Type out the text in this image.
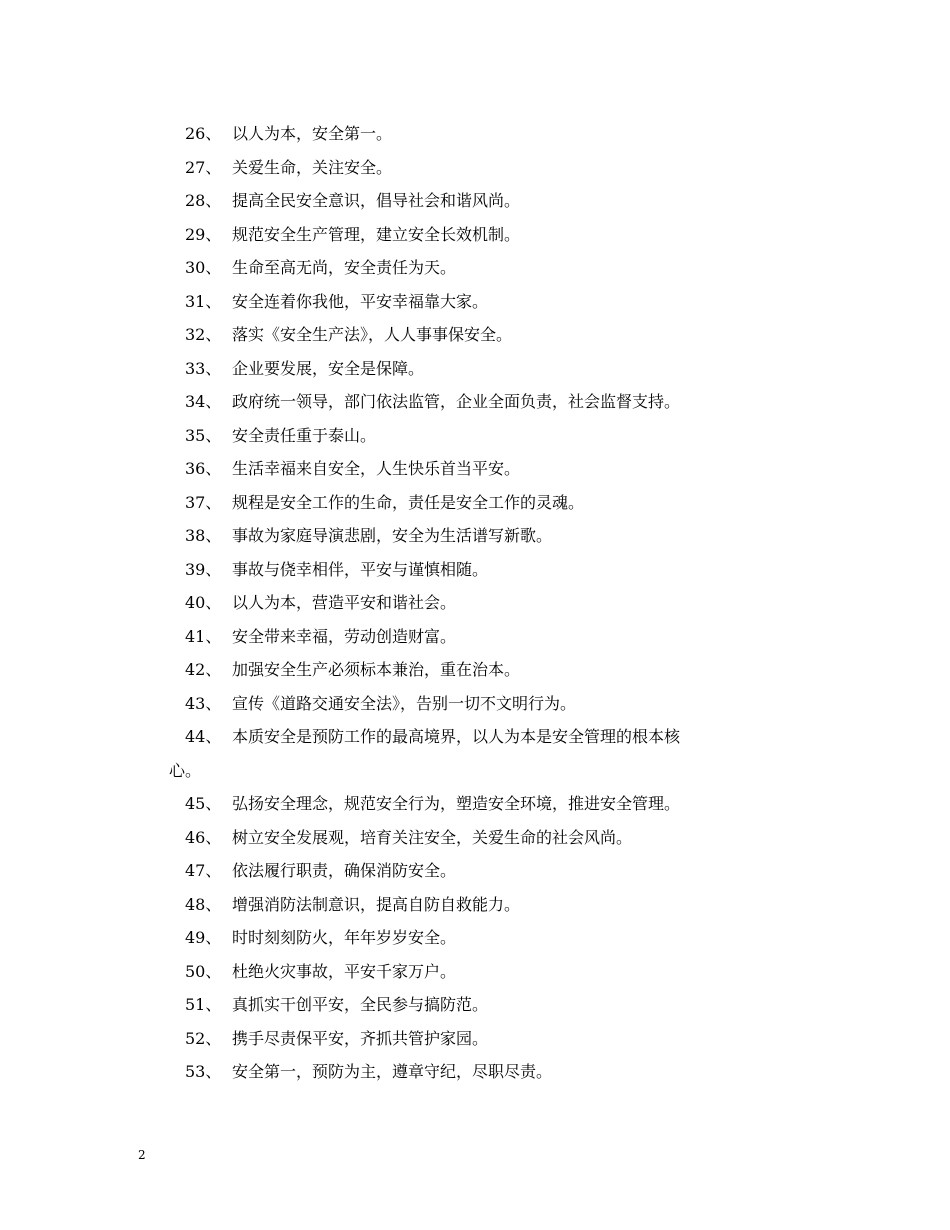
26、 以人为本，安全第一。
27、 关爱生命，关注安全。
28、 提高全民安全意识，倡导社会和谐风尚。
29、 规范安全生产管理，建立安全长效机制。
30、 生命至高无尚，安全责任为天。
31、 安全连着你我他，平安幸福靠大家。
32、 落实《安全生产法》，人人事事保安全。
33、 企业要发展，安全是保障。
34、 政府统一领导，部门依法监管，企业全面负责，社会监督支持。
35、 安全责任重于泰山。
36、 生活幸福来自安全，人生快乐首当平安。
37、 规程是安全工作的生命，责任是安全工作的灵魂。
38、 事故为家庭导演悲剧，安全为生活谱写新歌。
39、 事故与侥幸相伴，平安与谨慎相随。
40、 以人为本，营造平安和谐社会。
41、 安全带来幸福，劳动创造财富。
42、 加强安全生产必须标本兼治，重在治本。
43、 宣传《道路交通安全法》，告别一切不文明行为。
44、 本质安全是预防工作的最高境界，以人为本是安全管理的根本核
心。
45、 弘扬安全理念，规范安全行为，塑造安全环境，推进安全管理。
46、 树立安全发展观，培育关注安全，关爱生命的社会风尚。
47、 依法履行职责，确保消防安全。
48、 增强消防法制意识，提高自防自救能力。
49、 时时刻刻防火，年年岁岁安全。
50、 杜绝火灾事故，平安千家万户。
51、 真抓实干创平安，全民参与搞防范。
52、 携手尽责保平安，齐抓共管护家园。
53、 安全第一，预防为主，遵章守纪，尽职尽责。
2
